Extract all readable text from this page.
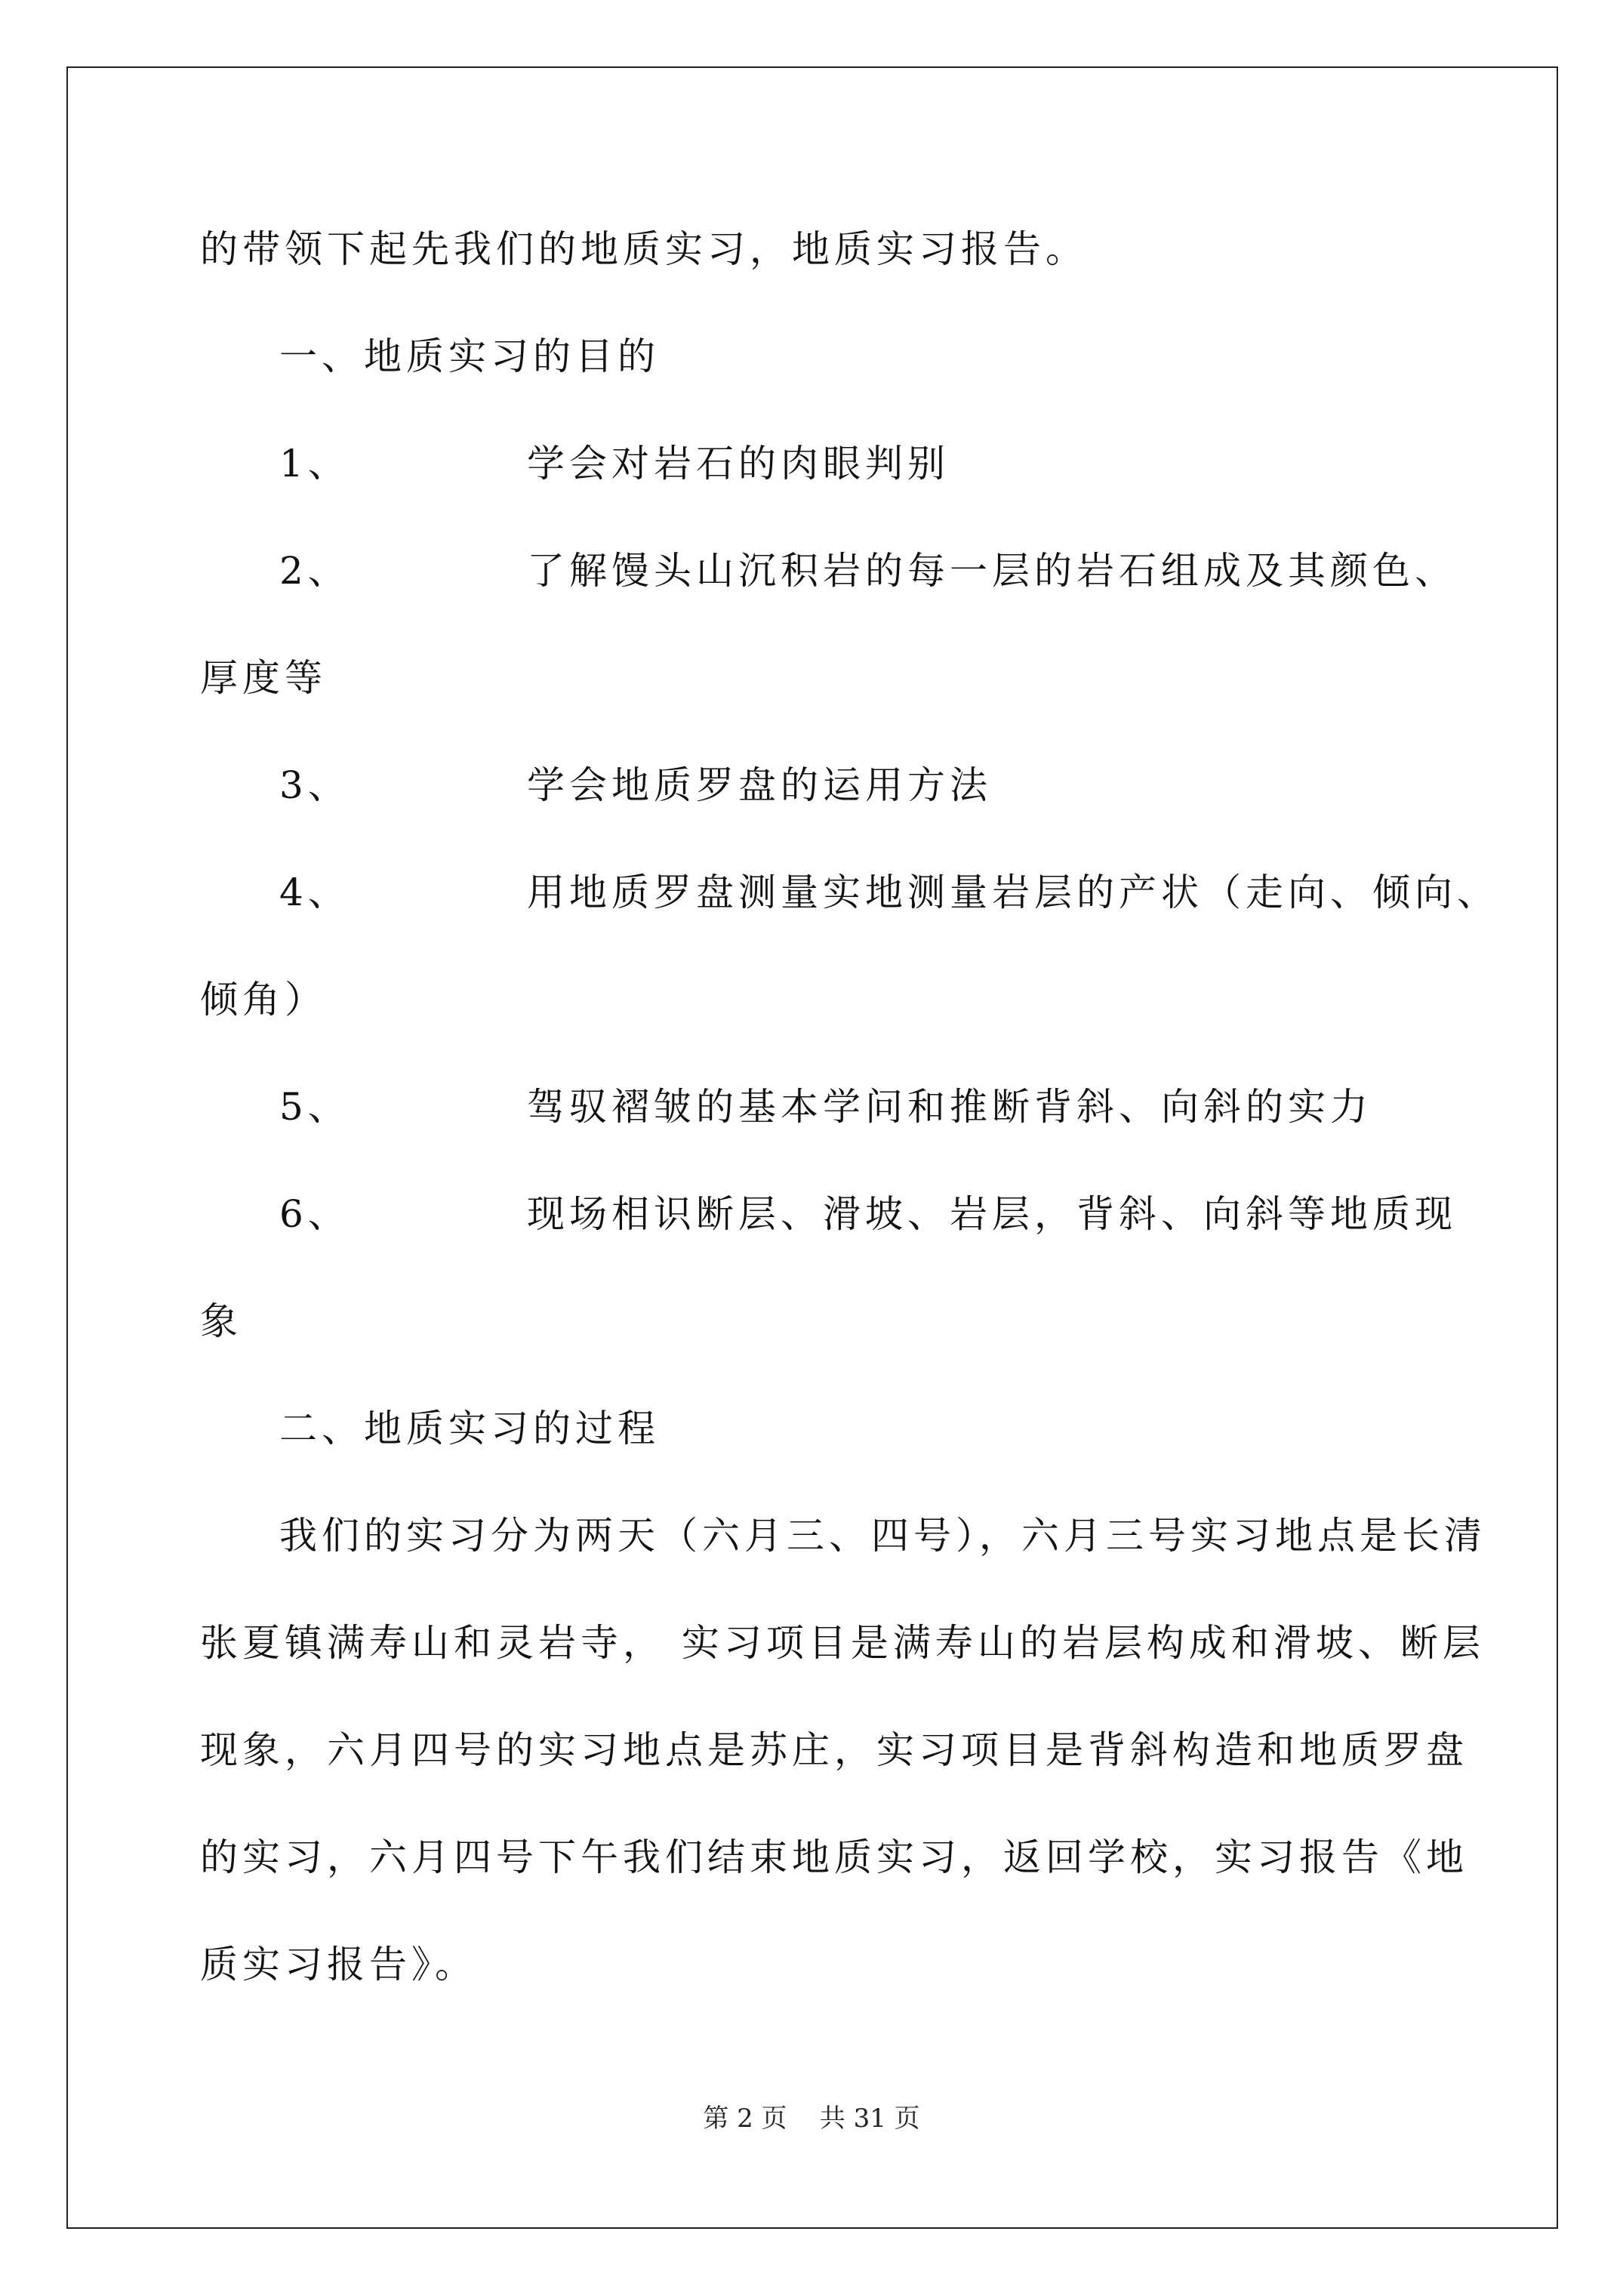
的带领下起先我们的地质实习，地质实习报告。
一、地质实习的目的
1、	学会对岩石的肉眼判别
2、	了解馒头山沉积岩的每一层的岩石组成及其颜色、
厚度等
3、	学会地质罗盘的运用方法
4、	用地质罗盘测量实地测量岩层的产状（走向、倾向、
倾角）
5、	驾驭褶皱的基本学问和推断背斜、向斜的实力
6、	现场相识断层、滑坡、岩层，背斜、向斜等地质现
象
二、地质实习的过程
我们的实习分为两天（六月三、四号），六月三号实习地点是长清
张夏镇满寿山和灵岩寺， 实习项目是满寿山的岩层构成和滑坡、断层
现象，六月四号的实习地点是苏庄，实习项目是背斜构造和地质罗盘
的实习，六月四号下午我们结束地质实习，返回学校，实习报告《地
质实习报告》。
第 2 页    共 31 页
